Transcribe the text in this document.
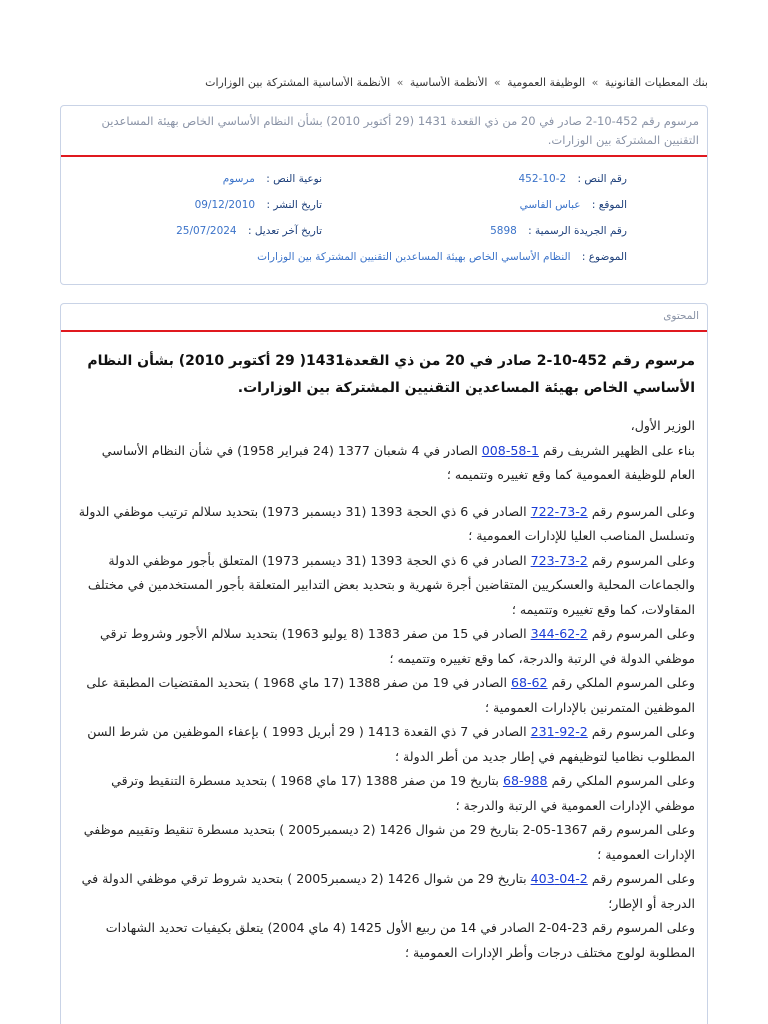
بنك المعطيات القانونية » الوظيفة العمومية » الأنظمة الأساسية » الأنظمة الأساسية المشتركة بين الوزارات
مرسوم رقم 452-10-2 صادر في 20 من ذي القعدة 1431 (29 أكتوبر 2010) بشأن النظام الأساسي الخاص بهيئة المساعدين التقنيين المشتركة بين الوزارات.
رقم النص : 2-10-452
نوعية النص : مرسوم
الموقع : عباس الفاسي
تاريخ النشر : 09/12/2010
رقم الجريدة الرسمية : 5898
تاريخ آخر تعديل : 25/07/2024
الموضوع : النظام الأساسي الخاص بهيئة المساعدين التقنيين المشتركة بين الوزارات
المحتوى

مرسوم رقم 452-10-2 صادر في 20 من ذي القعدة1431( 29 أكتوبر 2010) بشأن النظام الأساسي الخاص بهيئة المساعدين التقنيين المشتركة بين الوزارات.

الوزير الأول،

بناء على الظهير الشريف رقم 1-58-008 الصادر في 4 شعبان 1377 (24 فبراير 1958) في شأن النظام الأساسي العام للوظيفة العمومية كما وقع تغييره وتتميمه ؛

وعلى المرسوم رقم 2-73-722 الصادر في 6 ذي الحجة 1393 (31 ديسمبر 1973) بتحديد سلالم ترتيب موظفي الدولة وتسلسل المناصب العليا للإدارات العمومية ؛

وعلى المرسوم رقم 2-73-723 الصادر في 6 ذي الحجة 1393 (31 ديسمبر 1973) المتعلق بأجور موظفي الدولة والجماعات المحلية والعسكريين المتقاضين أجرة شهرية و بتحديد بعض التدابير المتعلقة بأجور المستخدمين في مختلف المقاولات، كما وقع تغييره وتتميمه ؛

وعلى المرسوم رقم 2-62-344 الصادر في 15 من صفر 1383 (8 يوليو 1963) بتحديد سلالم الأجور وشروط ترقي موظفي الدولة في الرتبة والدرجة، كما وقع تغييره وتتميمه ؛

وعلى المرسوم الملكي رقم 62-68 الصادر في 19 من صفر 1388 (17 ماي 1968 ) بتحديد المقتضيات المطبقة على الموظفين المتمرنين بالإدارات العمومية ؛

وعلى المرسوم رقم 2-92-231 الصادر في 7 ذي القعدة 1413 ( 29 أبريل 1993 ) بإعفاء الموظفين من شرط السن المطلوب نظاميا لتوظيفهم في إطار جديد من أطر الدولة ؛

وعلى المرسوم الملكي رقم 988-68 بتاريخ 19 من صفر 1388 (17 ماي 1968 ) بتحديد مسطرة التنقيط وترقي موظفي الإدارات العمومية في الرتبة والدرجة ؛

وعلى المرسوم رقم 1367-05-2 بتاريخ 29 من شوال 1426 (2 ديسمبر2005 ) بتحديد مسطرة تنقيط وتقييم موظفي الإدارات العمومية ؛

وعلى المرسوم رقم 2-04-403 بتاريخ 29 من شوال 1426 (2 ديسمبر2005 ) بتحديد شروط ترقي موظفي الدولة في الدرجة أو الإطار؛

وعلى المرسوم رقم 23-04-2 الصادر في 14 من ربيع الأول 1425 (4 ماي 2004) يتعلق بكيفيات تحديد الشهادات المطلوبة لولوج مختلف درجات وأطر الإدارات العمومية ؛
